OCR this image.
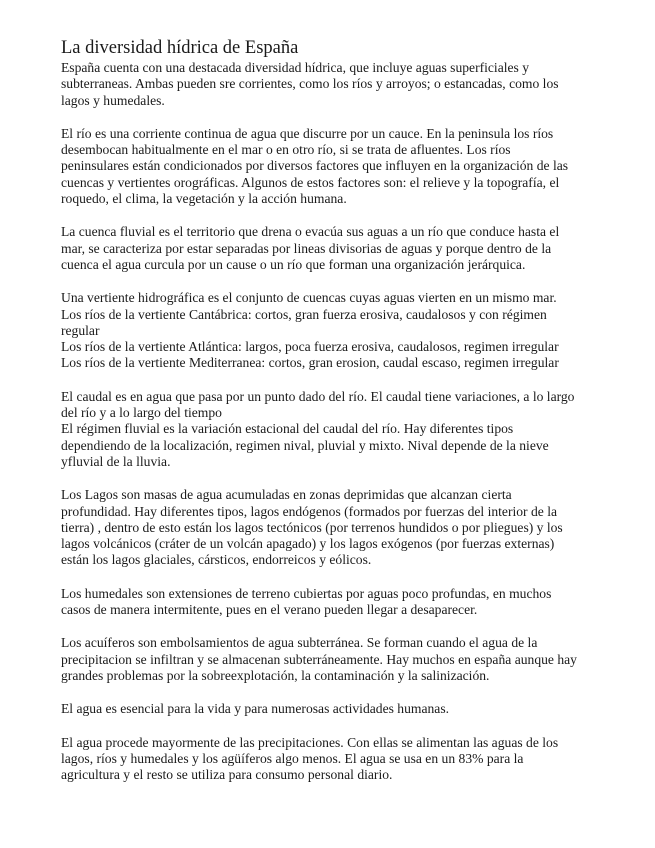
La diversidad hídrica de España

España cuenta con una destacada diversidad hídrica, que incluye aguas superficiales y
subterraneas. Ambas pueden sre corrientes, como los ríos y arroyos; o estancadas, como los
lagos y humedales.

El río es una corriente continua de agua que discurre por un cauce. En la peninsula los ríos
desembocan habitualmente en el mar o en otro río, si se trata de afluentes. Los ríos
peninsulares están condicionados por diversos factores que influyen en la organización de las
cuencas y vertientes orográficas. Algunos de estos factores son: el relieve y la topografía, el
roquedo, el clima, la vegetación y la acción humana.

La cuenca fluvial es el territorio que drena o evacúa sus aguas a un río que conduce hasta el
mar, se caracteriza por estar separadas por lineas divisorias de aguas y porque dentro de la
cuenca el agua curcula por un cause o un río que forman una organización jerárquica.

Una vertiente hidrográfica es el conjunto de cuencas cuyas aguas vierten en un mismo mar.
Los ríos de la vertiente Cantábrica: cortos, gran fuerza erosiva, caudalosos y con régimen
regular
Los ríos de la vertiente Atlántica: largos, poca fuerza erosiva, caudalosos, regimen irregular
Los ríos de la vertiente Mediterranea: cortos, gran erosion, caudal escaso, regimen irregular

El caudal es en agua que pasa por un punto dado del río. El caudal tiene variaciones, a lo largo
del río y a lo largo del tiempo
El régimen fluvial es la variación estacional del caudal del río. Hay diferentes tipos
dependiendo de la localización, regimen nival, pluvial y mixto. Nival depende de la nieve
yfluvial de la lluvia.

Los Lagos son masas de agua acumuladas en zonas deprimidas que alcanzan cierta
profundidad. Hay diferentes tipos, lagos endógenos (formados por fuerzas del interior de la
tierra) , dentro de esto están los lagos tectónicos (por terrenos hundidos o por pliegues) y los
lagos volcánicos (cráter de un volcán apagado) y los lagos exógenos (por fuerzas externas)
están los lagos glaciales, cársticos, endorreicos y eólicos.

Los humedales son extensiones de terreno cubiertas por aguas poco profundas, en muchos
casos de manera intermitente, pues en el verano pueden llegar a desaparecer.

Los acuíferos son embolsamientos de agua subterránea. Se forman cuando el agua de la
precipitacion se infiltran y se almacenan subterráneamente. Hay muchos en españa aunque hay
grandes problemas por la sobreexplotación, la contaminación y la salinización.

El agua es esencial para la vida y para numerosas actividades humanas.

El agua procede mayormente de las precipitaciones. Con ellas se alimentan las aguas de los
lagos, ríos y humedales y los agüíferos algo menos. El agua se usa en un 83% para la
agricultura y el resto se utiliza para consumo personal diario.
